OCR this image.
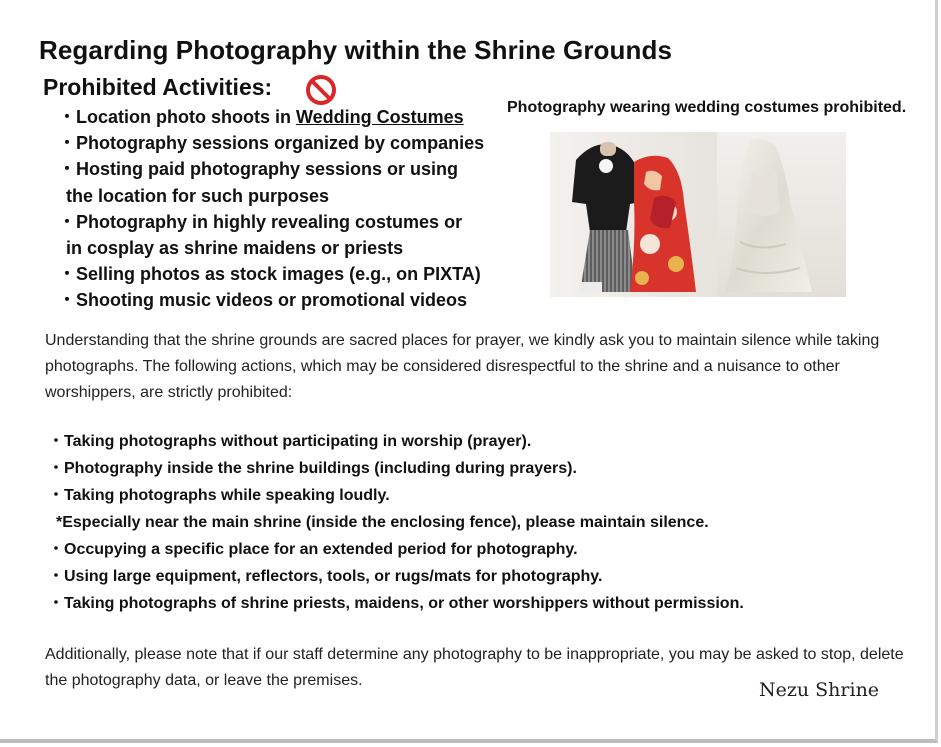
Regarding Photography within the Shrine Grounds
Prohibited Activities:
・Location photo shoots in Wedding Costumes
・Photography sessions organized by companies
・Hosting paid photography sessions or using
the location for such purposes
・Photography in highly revealing costumes or
in cosplay as shrine maidens or priests
・Selling photos as stock images (e.g., on PIXTA)
・Shooting music videos or promotional videos
Photography wearing wedding costumes prohibited.
Understanding that the shrine grounds are sacred places for prayer, we kindly ask you to maintain silence while taking photographs. The following actions, which may be considered disrespectful to the shrine and a nuisance to other worshippers, are strictly prohibited:
・Taking photographs without participating in worship (prayer).
・Photography inside the shrine buildings (including during prayers).
・Taking photographs while speaking loudly.
*Especially near the main shrine (inside the enclosing fence), please maintain silence.
・Occupying a specific place for an extended period for photography.
・Using large equipment, reflectors, tools, or rugs/mats for photography.
・Taking photographs of shrine priests, maidens, or other worshippers without permission.
Additionally, please note that if our staff determine any photography to be inappropriate, you may be asked to stop, delete the photography data, or leave the premises.	Nezu Shrine
